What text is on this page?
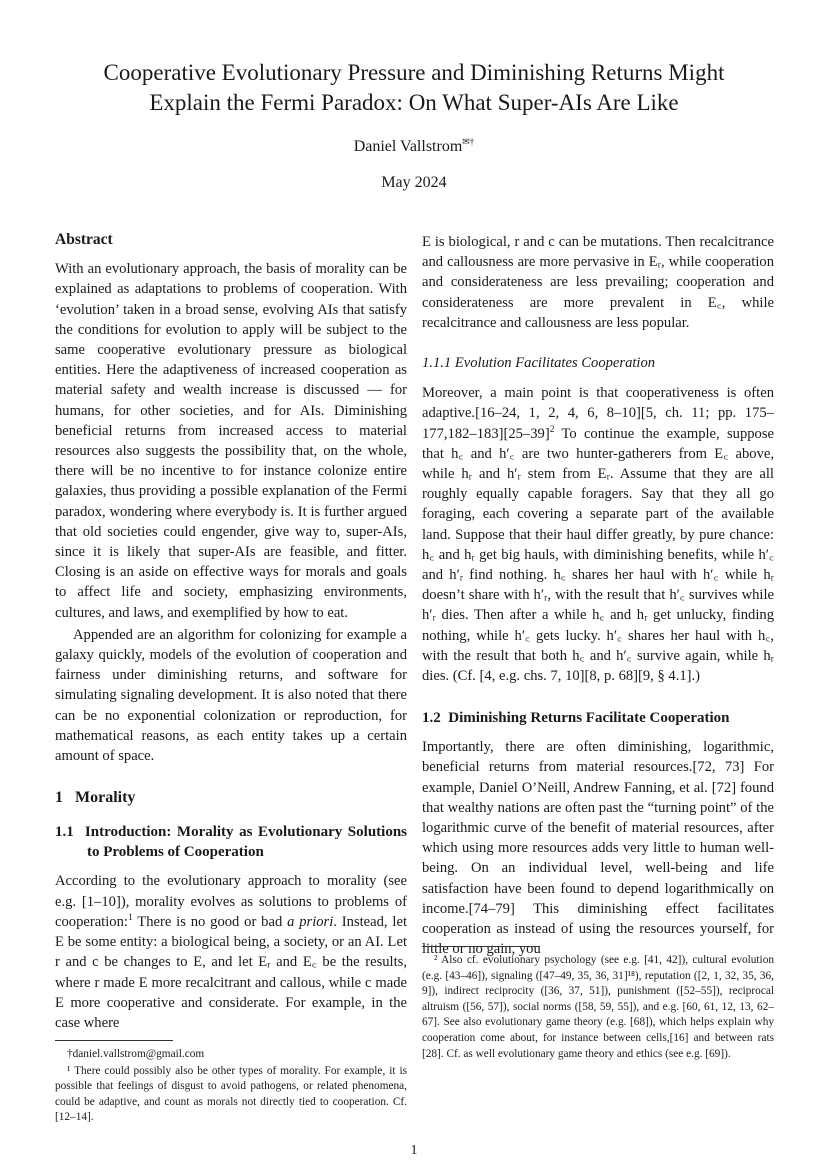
Cooperative Evolutionary Pressure and Diminishing Returns Might
Explain the Fermi Paradox: On What Super-AIs Are Like
Daniel Vallstrom✉†
May 2024
Abstract

With an evolutionary approach, the basis of morality can be explained as adaptations to problems of cooperation. With ‘evolution’ taken in a broad sense, evolving AIs that satisfy the conditions for evolution to apply will be subject to the same cooperative evolutionary pressure as biological entities. Here the adaptiveness of increased cooperation as material safety and wealth increase is discussed — for humans, for other societies, and for AIs. Diminishing beneficial returns from increased access to material resources also suggests the possibility that, on the whole, there will be no incentive to for instance colonize entire galaxies, thus providing a possible explanation of the Fermi paradox, wondering where everybody is. It is further argued that old societies could engender, give way to, super-AIs, since it is likely that super-AIs are feasible, and fitter. Closing is an aside on effective ways for morals and goals to affect life and society, emphasizing environments, cultures, and laws, and exemplified by how to eat.

Appended are an algorithm for colonizing for example a galaxy quickly, models of the evolution of cooperation and fairness under diminishing returns, and software for simulating signaling development. It is also noted that there can be no exponential colonization or reproduction, for mathematical reasons, as each entity takes up a certain amount of space.

1 Morality
1.1 Introduction: Morality as Evolutionary Solutions to Problems of Cooperation

According to the evolutionary approach to morality (see e.g. [1–10]), morality evolves as solutions to problems of cooperation:$^1$ There is no good or bad a priori. Instead, let E be some entity: a biological being, a society, or an AI. Let r and c be changes to E, and let Eᵣ and E꜀ be the results, where r made E more recalcitrant and callous, while c made E more cooperative and considerate. For example, in the case where

E is biological, r and c can be mutations. Then recalcitrance and callousness are more pervasive in Eᵣ, while cooperation and considerateness are less prevailing; cooperation and considerateness are more prevalent in E꜀, while recalcitrance and callousness are less popular.

1.1.1 Evolution Facilitates Cooperation

Moreover, a main point is that cooperativeness is often adaptive.[16–24, 1, 2, 4, 6, 8–10][5, ch. 11; pp. $175-177,182-183][25-39]^2$ To continue the example, suppose that h꜀ and h′꜀ are two hunter-gatherers from E꜀ above, while hᵣ and h′ᵣ stem from Eᵣ. Assume that they are all roughly equally capable foragers. Say that they all go foraging, each covering a separate part of the available land. Suppose that their haul differ greatly, by pure chance: h꜀ and hᵣ get big hauls, with diminishing benefits, while h′꜀ and h′ᵣ find nothing. h꜀ shares her haul with h′꜀ while hᵣ doesn’t share with h′ᵣ, with the result that h′꜀ survives while h′ᵣ dies. Then after a while h꜀ and hᵣ get unlucky, finding nothing, while h′꜀ gets lucky. h′꜀ shares her haul with h꜀, with the result that both h꜀ and h′꜀ survive again, while hᵣ dies. (Cf. [4, e.g. chs. 7, 10][8, p. 68][9, § 4.1].)

1.2 Diminishing Returns Facilitate Cooperation

Importantly, there are often diminishing, logarithmic, beneficial returns from material resources.[72, 73] For example, Daniel O’Neill, Andrew Fanning, et al. [72] found that wealthy nations are often past the “turning point” of the logarithmic curve of the benefit of material resources, after which using more resources adds very little to human well-being. On an individual level, well-being and life satisfaction have been found to depend logarithmically on income.[74–79] This diminishing effect facilitates cooperation as instead of using the resources yourself, for little or no gain, you

†daniel.vallstrom@gmail.com

¹ There could possibly also be other types of morality. For example, it is possible that feelings of disgust to avoid pathogens, or related phenomena, could be adaptive, and count as morals not directly tied to cooperation. Cf. [12–14].

² Also cf. evolutionary psychology (see e.g. [41, 42]), cultural evolution (e.g. [43–46]), signaling ([47–49, 35, 36, 31]¹⁸), reputation ([2, 1, 32, 35, 36, 9]), indirect reciprocity ([36, 37, 51]), punishment ([52–55]), reciprocal altruism ([56, 57]), social norms ([58, 59, 55]), and e.g. [60, 61, 12, 13, 62–67]. See also evolutionary game theory (e.g. [68]), which helps explain why cooperation come about, for instance between cells,[16] and between rats [28]. Cf. as well evolutionary game theory and ethics (see e.g. [69]).

1
